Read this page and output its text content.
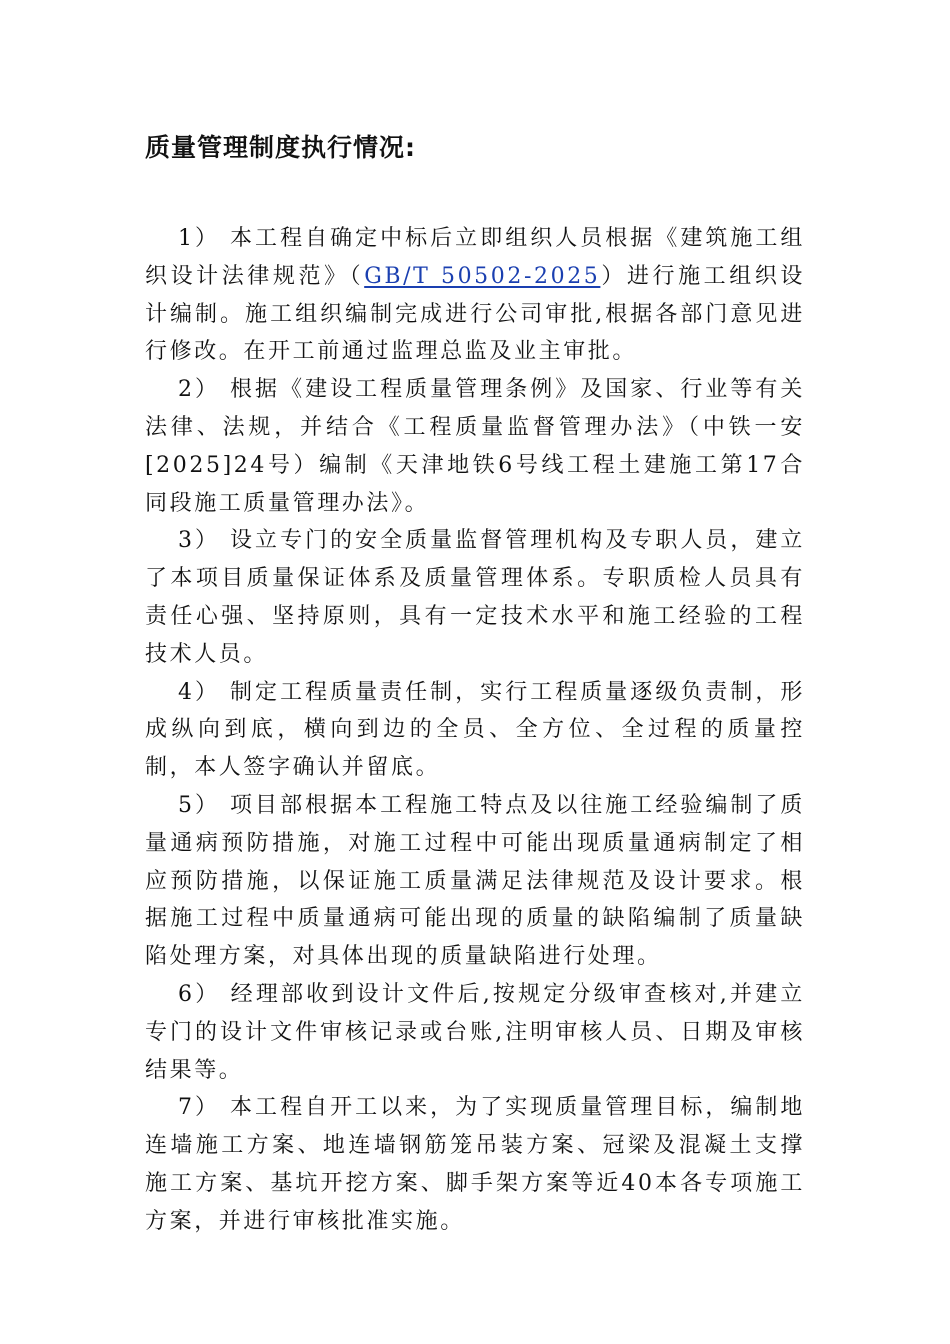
质量管理制度执行情况:

1） 本工程自确定中标后立即组织人员根据《建筑施工组织设计法律规范》（GB/T 50502-2025）进行施工组织设计编制。施工组织编制完成进行公司审批,根据各部门意见进行修改。在开工前通过监理总监及业主审批。

2） 根据《建设工程质量管理条例》及国家、行业等有关法律、法规，并结合《工程质量监督管理办法》（中铁一安[2025]24号）编制《天津地铁6号线工程土建施工第17合同段施工质量管理办法》。

3） 设立专门的安全质量监督管理机构及专职人员，建立了本项目质量保证体系及质量管理体系。专职质检人员具有责任心强、坚持原则，具有一定技术水平和施工经验的工程技术人员。

4） 制定工程质量责任制，实行工程质量逐级负责制，形成纵向到底，横向到边的全员、全方位、全过程的质量控制，本人签字确认并留底。

5） 项目部根据本工程施工特点及以往施工经验编制了质量通病预防措施，对施工过程中可能出现质量通病制定了相应预防措施，以保证施工质量满足法律规范及设计要求。根据施工过程中质量通病可能出现的质量的缺陷编制了质量缺陷处理方案，对具体出现的质量缺陷进行处理。

6） 经理部收到设计文件后,按规定分级审查核对,并建立专门的设计文件审核记录或台账,注明审核人员、日期及审核结果等。

7） 本工程自开工以来，为了实现质量管理目标，编制地连墙施工方案、地连墙钢筋笼吊装方案、冠梁及混凝土支撑施工方案、基坑开挖方案、脚手架方案等近40本各专项施工方案，并进行审核批准实施。
